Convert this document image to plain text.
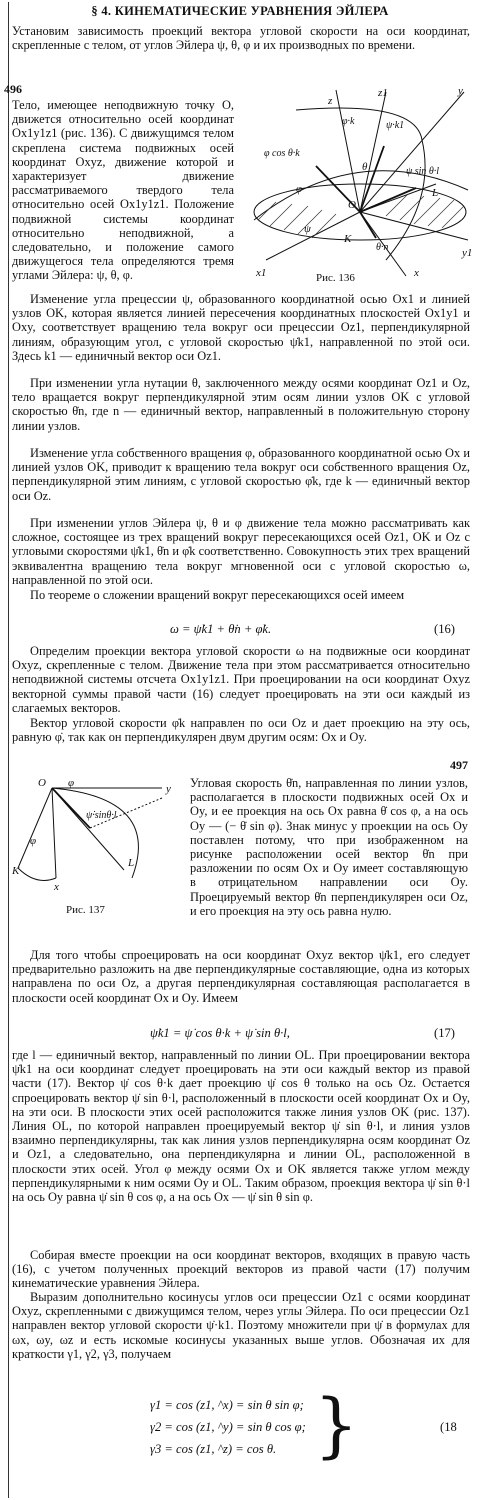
§ 4. КИНЕМАТИЧЕСКИЕ УРАВНЕНИЯ ЭЙЛЕРА

Установим зависимость проекций вектора угловой скорости на оси координат, скрепленные с телом, от углов Эйлера ψ, θ, φ и их производных по времени.

496

Тело, имеющее неподвижную точку O, движется относительно осей координат Ox1y1z1 (рис. 136). С движущимся телом скреплена система подвижных осей координат Oxyz, движение которой и характеризует движение рассматриваемого твердого тела относительно осей Ox1y1z1. Положение подвижной системы координат относительно неподвижной, а следовательно, и положение самого движущегося тела определяются тремя углами Эйлера: ψ, θ, φ.

z
z1	y
y1
x
x1
O
K
L
φ
θ
ψ
ψ·k1
φ·k
φ cos θ·k
ψ sin θ·l
θ·n
Рис. 136

Изменение угла прецессии ψ, образованного координатной осью Ox1 и линией узлов OK, которая является линией пересечения координатных плоскостей Ox1y1 и Oxy, соответствует вращению тела вокруг оси прецессии Oz1, перпендикулярной линиям, образующим угол, с угловой скоростью ψ̇k1, направленной по этой оси. Здесь k1 — единичный вектор оси Oz1.

При изменении угла нутации θ, заключенного между осями координат Oz1 и Oz, тело вращается вокруг перпендикулярной этим осям линии узлов OK с угловой скоростью θ̇n, где n — единичный вектор, направленный в положительную сторону линии узлов.

Изменение угла собственного вращения φ, образованного координатной осью Ox и линией узлов OK, приводит к вращению тела вокруг оси собственного вращения Oz, перпендикулярной этим линиям, с угловой скоростью φ̇k, где k — единичный вектор оси Oz.

При изменении углов Эйлера ψ, θ и φ движение тела можно рассматривать как сложное, состоящее из трех вращений вокруг пересекающихся осей Oz1, OK и Oz с угловыми скоростями ψ̇k1, θ̇n и φ̇k соответственно. Совокупность этих трех вращений эквивалентна вращению тела вокруг мгновенной оси с угловой скоростью ω, направленной по этой оси.

По теореме о сложении вращений вокруг пересекающихся осей имеем

ω = ψ̇k1 + θ̇n + φ̇k.	(16)

Определим проекции вектора угловой скорости ω на подвижные оси координат Oxyz, скрепленные с телом. Движение тела при этом рассматривается относительно неподвижной системы отсчета Ox1y1z1. При проецировании на оси координат Oxyz векторной суммы правой части (16) следует проецировать на эти оси каждый из слагаемых векторов.

Вектор угловой скорости φ̇k направлен по оси Oz и дает проекцию на эту ось, равную φ̇, так как он перпендикулярен двум другим осям: Ox и Oy.

497
O φ	y
K
L
x
φ
ψ̇·sinθ·l
Рис. 137

Угловая скорость θ̇n, направленная по линии узлов, располагается в плоскости подвижных осей Ox и Oy, и ее проекция на ось Ox равна θ̇ cos φ, а на ось Oy — (− θ̇ sin φ). Знак минус у проекции на ось Oy поставлен потому, что при изображенном на рисунке расположении осей вектор θ̇n при разложении по осям Ox и Oy имеет составляющую в отрицательном направлении оси Oy. Проецируемый вектор θ̇n перпендикулярен оси Oz, и его проекция на эту ось равна нулю.

Для того чтобы спроецировать на оси координат Oxyz вектор ψ̇k1, его следует предварительно разложить на две перпендикулярные составляющие, одна из которых направлена по оси Oz, а другая перпендикулярная составляющая располагается в плоскости осей координат Ox и Oy. Имеем

ψ̇k1 = ψ̇ cos θ·k + ψ̇ sin θ·l,	(17)

где l — единичный вектор, направленный по линии OL. При проецировании вектора ψ̇k1 на оси координат следует проецировать на эти оси каждый вектор из правой части (17). Вектор ψ̇ cos θ·k дает проекцию ψ̇ cos θ только на ось Oz. Остается спроецировать вектор ψ̇ sin θ·l, расположенный в плоскости осей координат Ox и Oy, на эти оси. В плоскости этих осей расположится также линия узлов OK (рис. 137). Линия OL, по которой направлен проецируемый вектор ψ̇ sin θ·l, и линия узлов взаимно перпендикулярны, так как линия узлов перпендикулярна осям координат Oz и Oz1, а следовательно, она перпендикулярна и линии OL, расположенной в плоскости этих осей. Угол φ между осями Ox и OK является также углом между перпендикулярными к ним осями Oy и OL. Таким образом, проекция вектора ψ̇ sin θ·l на ось Oy равна ψ̇ sin θ cos φ, а на ось Ox — ψ̇ sin θ sin φ.

Собирая вместе проекции на оси координат векторов, входящих в правую часть (16), с учетом полученных проекций векторов из правой части (17) получим кинематические уравнения Эйлера.

Выразим дополнительно косинусы углов оси прецессии Oz1 с осями координат Oxyz, скрепленными с движущимся телом, через углы Эйлера. По оси прецессии Oz1 направлен вектор угловой скорости ψ̇·k1. Поэтому множители при ψ̇ в формулах для ωx, ωy, ωz и есть искомые косинусы указанных выше углов. Обозначая их для краткости γ1, γ2, γ3, получаем

γ1 = cos (z1, ^x) = sin θ sin φ;
γ2 = cos (z1, ^y) = sin θ cos φ;
γ3 = cos (z1, ^z) = cos θ. }	(18
